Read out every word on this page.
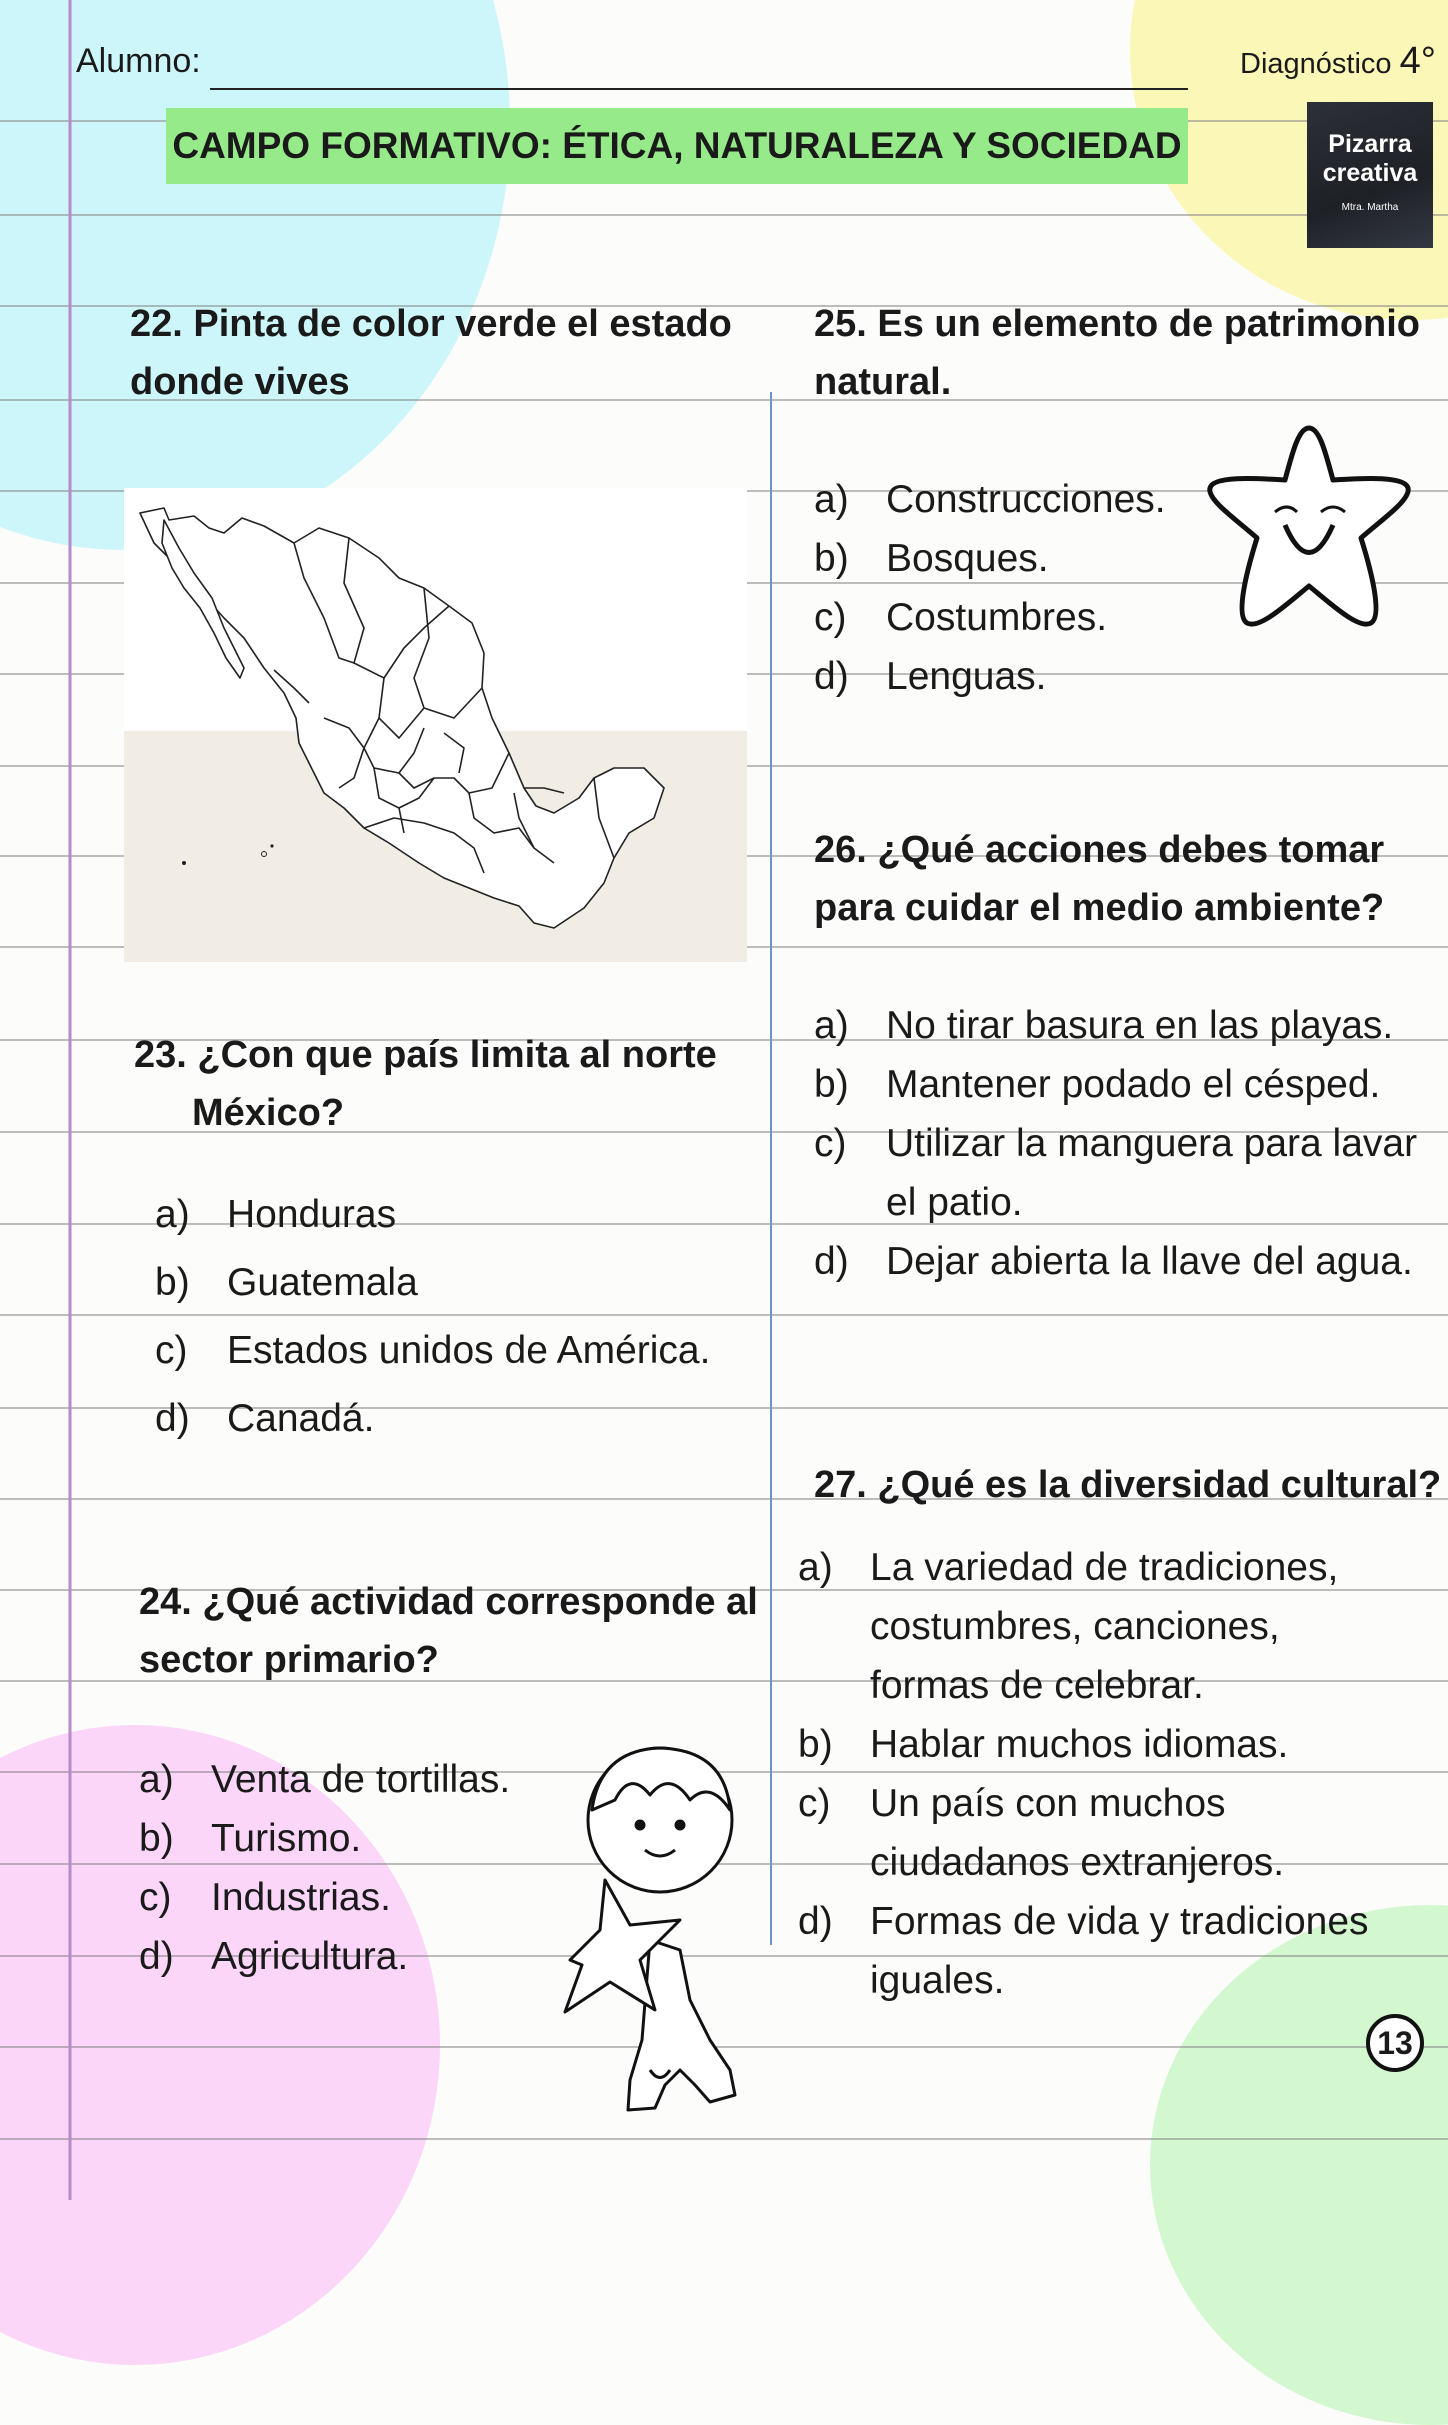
Alumno:	Diagnóstico 4°
CAMPO FORMATIVO: ÉTICA, NATURALEZA Y SOCIEDAD	Pizarra
creativa
Mtra. Martha
22. Pinta de color verde el estado
donde vives
23. ¿Con que país limita al norte
México?
a) Honduras
b) Guatemala
c)	Estados unidos de América.
d) Canadá.
24. ¿Qué actividad corresponde al
sector primario?
a) Venta de tortillas.
b) Turismo.
c)	Industrias.
d) Agricultura.
25. Es un elemento de patrimonio
natural.
a) Construcciones.
b) Bosques.
c)	Costumbres.
d) Lenguas.
26. ¿Qué acciones debes tomar
para cuidar el medio ambiente?
a) No tirar basura en las playas.
b) Mantener podado el césped.
c)	Utilizar la manguera para lavar el patio.
d) Dejar abierta la llave del agua.
27. ¿Qué es la diversidad cultural?
a) La variedad de tradiciones, costumbres, canciones, formas de celebrar.
b) Hablar muchos idiomas.
c)	Un país con muchos ciudadanos extranjeros.
d) Formas de vida y tradiciones iguales.
13
